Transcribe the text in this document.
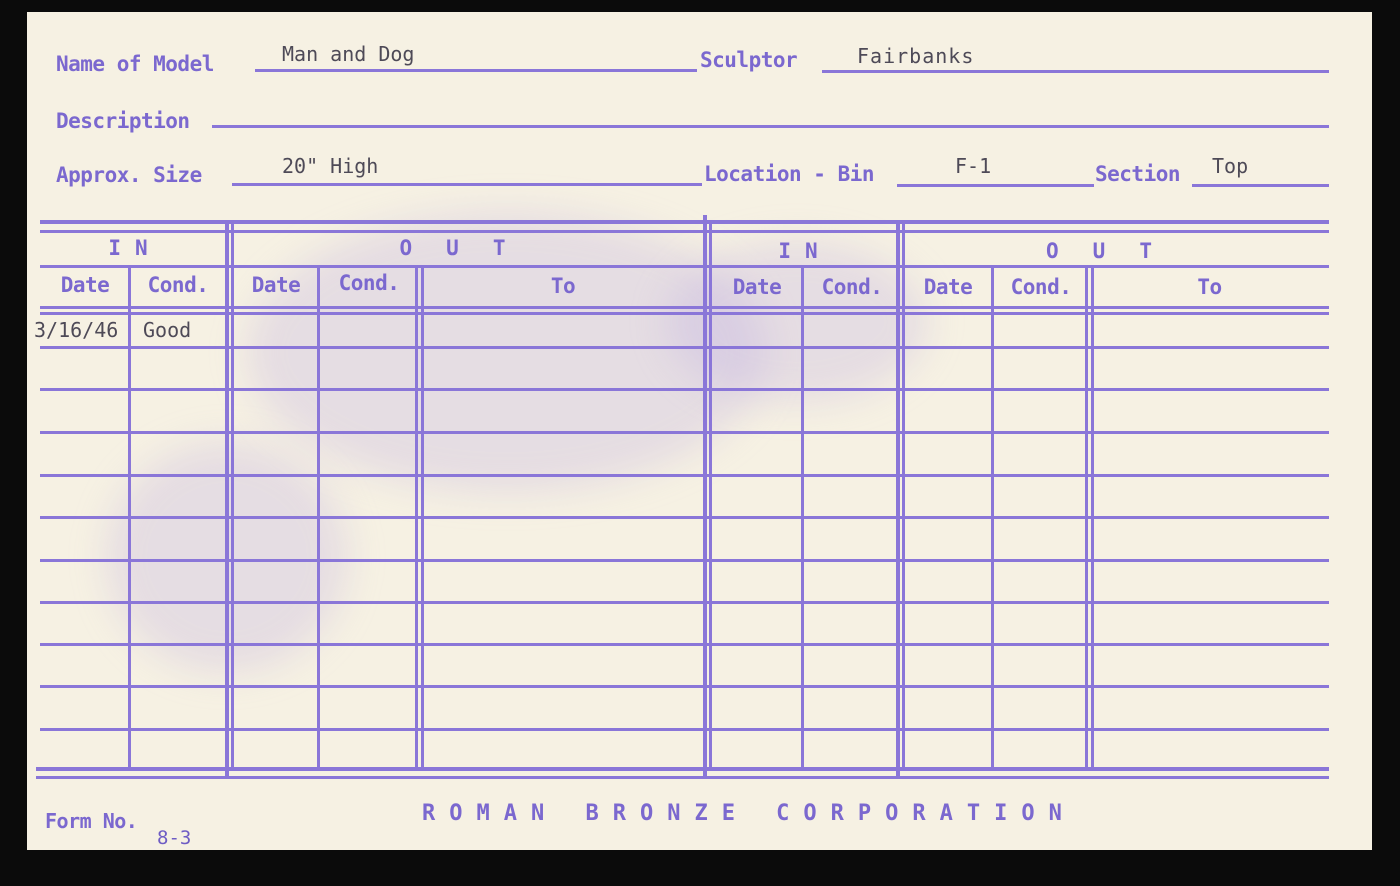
Name of Model	Man and Dog	Sculptor	Fairbanks
Description
Approx. Size	20" High	Location - Bin	F-1	Section Top
IN	OUT	IN	OUT
Date	Cond.	Date	Cond.	To	Date	Cond.	Date	Cond.	To
3/16/46 Good
Form No.
8-3
ROMAN BRONZE CORPORATION
